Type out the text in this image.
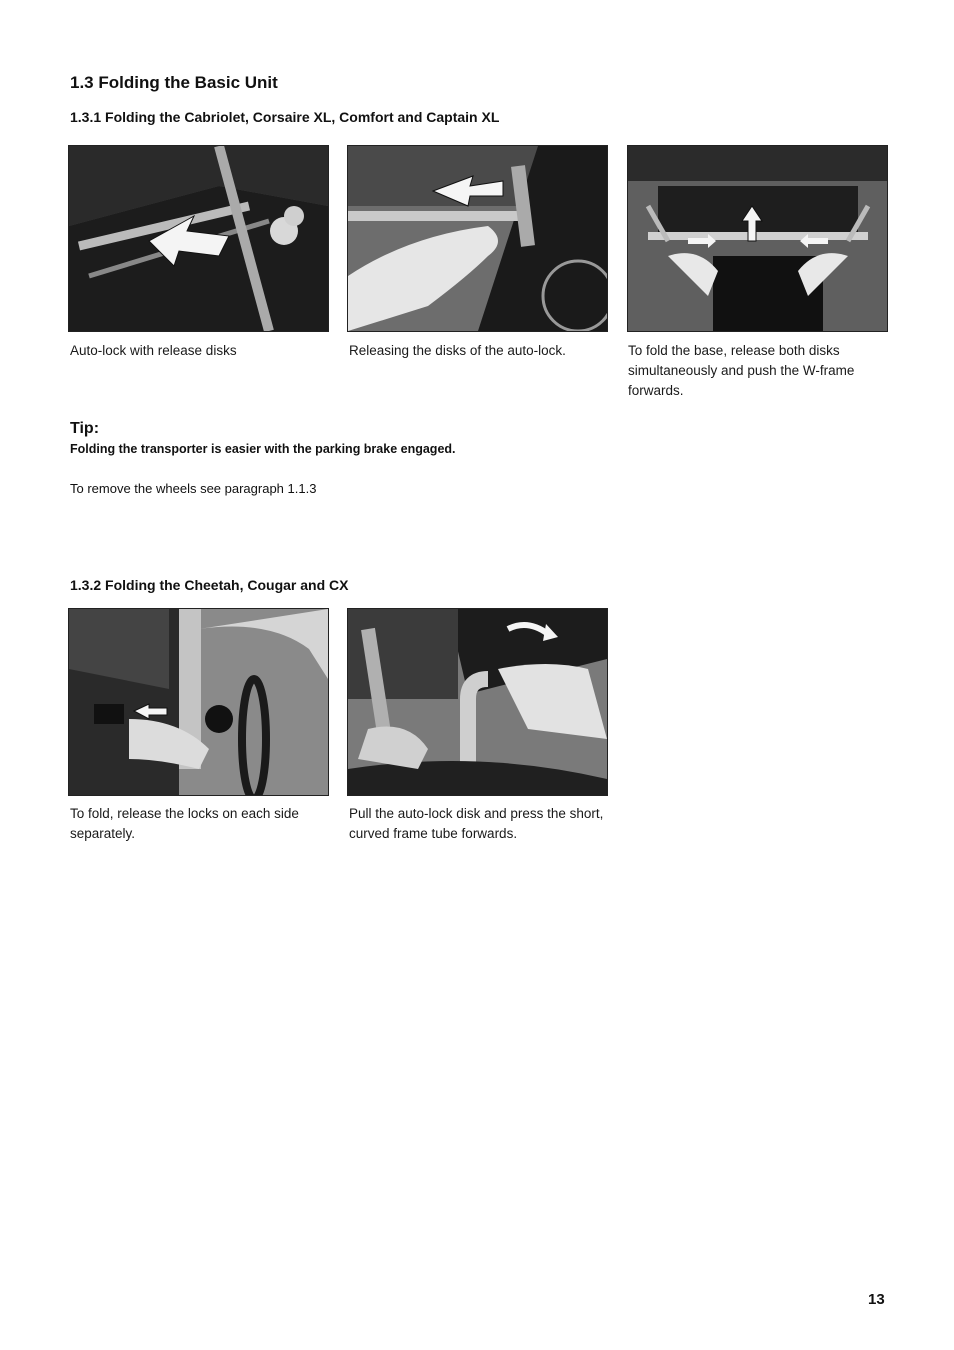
1.3 Folding the Basic Unit
1.3.1 Folding the Cabriolet, Corsaire XL, Comfort and Captain XL
Auto-lock with release disks	Releasing the disks of the auto-lock.	To fold the base, release both disks simultaneously and push the W-frame forwards.
Tip:
Folding the transporter is easier with the parking brake engaged.
To remove the wheels see paragraph 1.1.3
1.3.2 Folding the Cheetah, Cougar and CX
To fold, release the locks on each side separately.
Pull the auto-lock disk and press the short, curved frame tube forwards.
13
